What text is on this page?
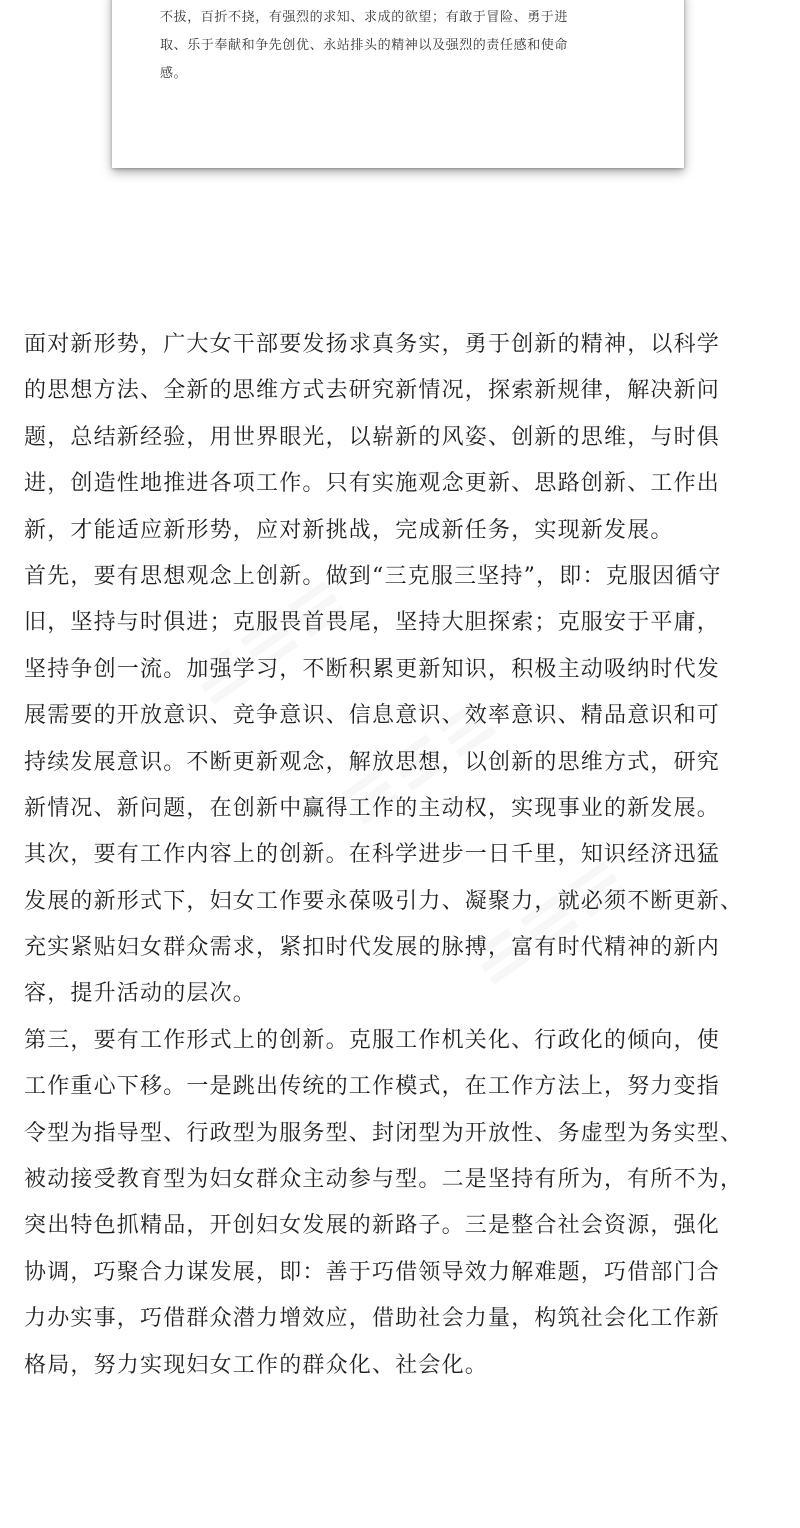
不拔，百折不挠，有强烈的求知、求成的欲望；有敢于冒险、勇于进

取、乐于奉献和争先创优、永站排头的精神以及强烈的责任感和使命

感。

≡≡≡
≡≡≡
≡≡≡

面对新形势，广大女干部要发扬求真务实，勇于创新的精神，以科学

的思想方法、全新的思维方式去研究新情况，探索新规律，解决新问

题，总结新经验，用世界眼光，以崭新的风姿、创新的思维，与时俱

进，创造性地推进各项工作。只有实施观念更新、思路创新、工作出

新，才能适应新形势，应对新挑战，完成新任务，实现新发展。

首先，要有思想观念上创新。做到“三克服三坚持”，即：克服因循守

旧，坚持与时俱进；克服畏首畏尾，坚持大胆探索；克服安于平庸，

坚持争创一流。加强学习，不断积累更新知识，积极主动吸纳时代发

展需要的开放意识、竞争意识、信息意识、效率意识、精品意识和可

持续发展意识。不断更新观念，解放思想，以创新的思维方式，研究

新情况、新问题，在创新中赢得工作的主动权，实现事业的新发展。

其次，要有工作内容上的创新。在科学进步一日千里，知识经济迅猛

发展的新形式下，妇女工作要永葆吸引力、凝聚力，就必须不断更新、

充实紧贴妇女群众需求，紧扣时代发展的脉搏，富有时代精神的新内

容，提升活动的层次。

第三，要有工作形式上的创新。克服工作机关化、行政化的倾向，使

工作重心下移。一是跳出传统的工作模式，在工作方法上，努力变指

令型为指导型、行政型为服务型、封闭型为开放性、务虚型为务实型、

被动接受教育型为妇女群众主动参与型。二是坚持有所为，有所不为，

突出特色抓精品，开创妇女发展的新路子。三是整合社会资源，强化

协调，巧聚合力谋发展，即：善于巧借领导效力解难题，巧借部门合

力办实事，巧借群众潜力增效应，借助社会力量，构筑社会化工作新

格局，努力实现妇女工作的群众化、社会化。
